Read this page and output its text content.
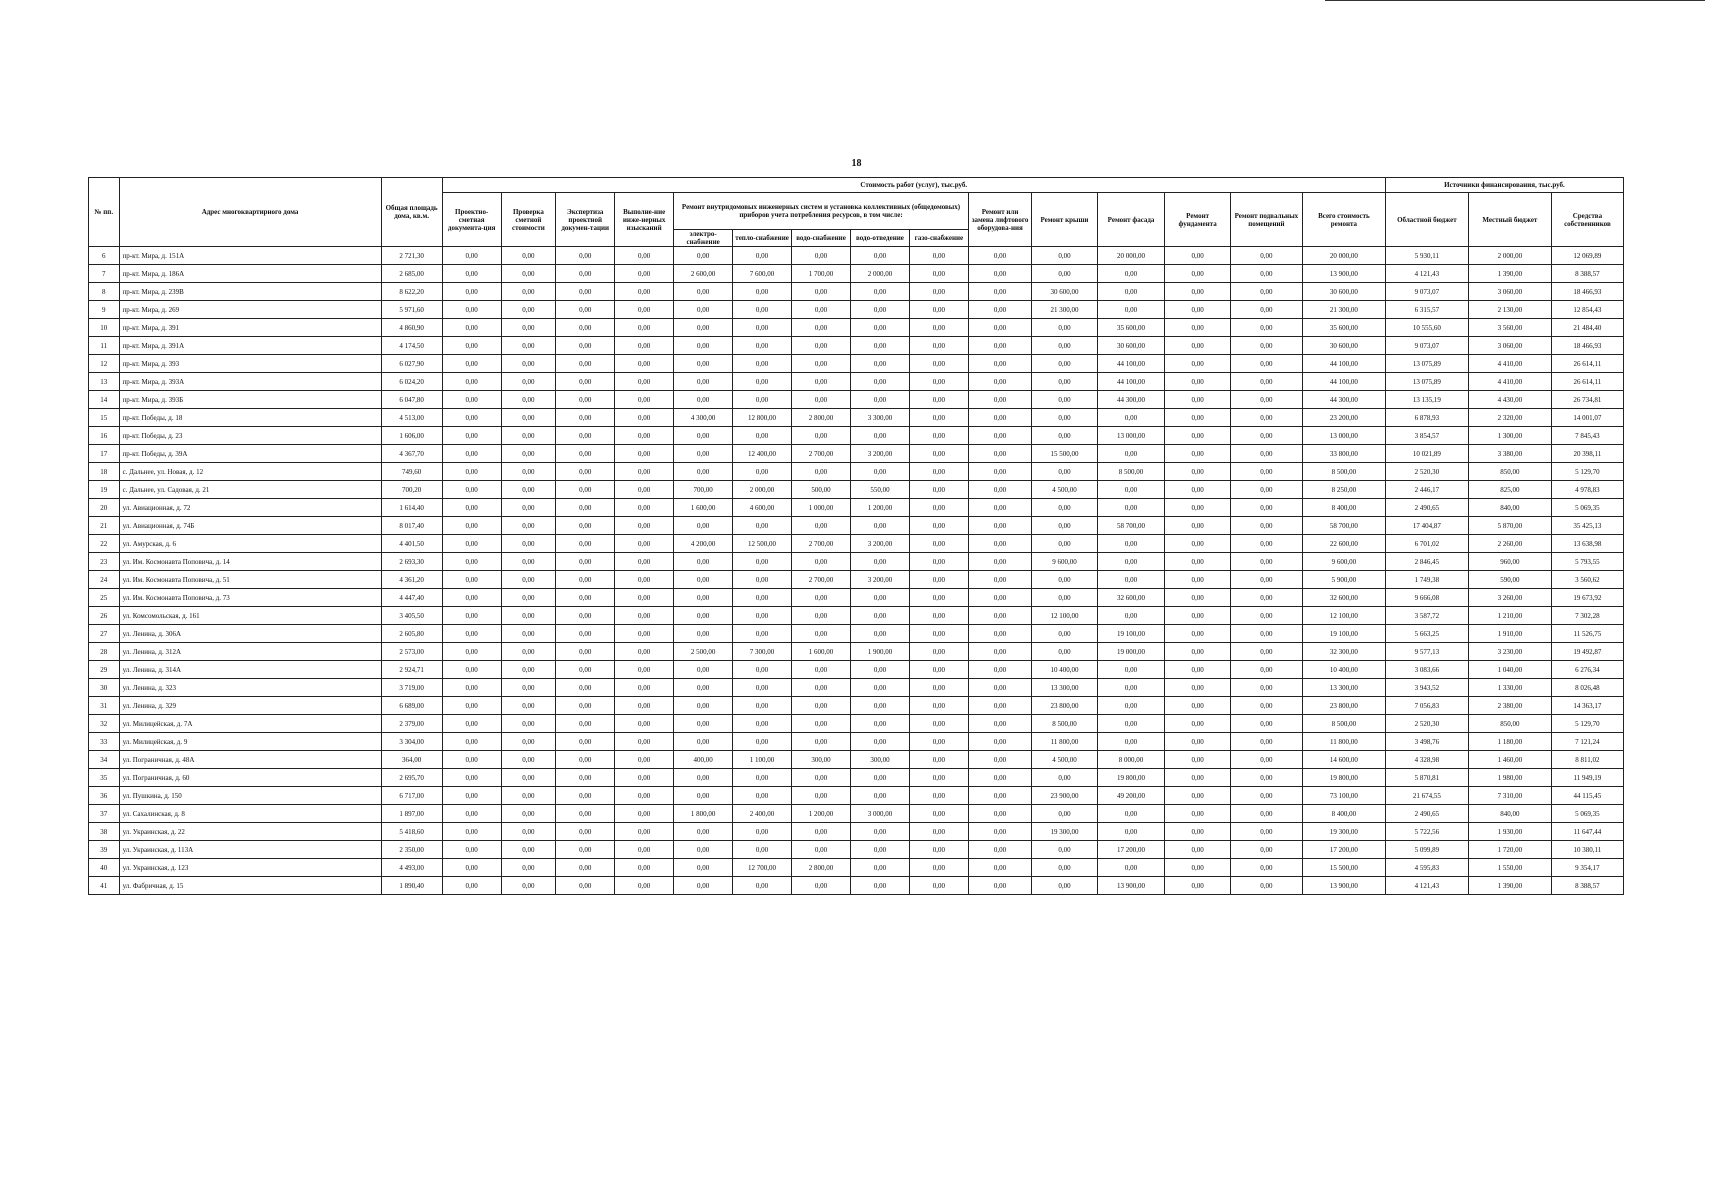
18
№ пп.	Адрес многоквартирного дома	Общая площадь дома, кв.м.	Стоимость работ (услуг), тыс.руб.															Источники финансирования, тыс.руб.		
			Проектно-сметная документа-ция	Проверка сметной стоимости	Экспертиза проектной докумен-тации	Выполне-ние инже-нерных изысканий	Ремонт внутридомовых инженерных систем и установка коллективных (общедомовых) приборов учета потребления ресурсов, в том числе:					Ремонт или замена лифтового оборудова-ния	Ремонт крыши	Ремонт фасада	Ремонт фундамента	Ремонт подвальных помещений	Всего стоимость ремонта	Областной бюджет	Местный бюджет	Средства собственников
							электро-снабжение	тепло-снабжение	водо-снабжение	водо-отведение	газо-снабжение									
6	пр-кт. Мира, д. 151А	2 721,30	0,00	0,00	0,00	0,00	0,00	0,00	0,00	0,00	0,00	0,00	0,00	20 000,00	0,00	0,00	20 000,00	5 930,11	2 000,00	12 069,89
7	пр-кт. Мира, д. 186А	2 685,00	0,00	0,00	0,00	0,00	2 600,00	7 600,00	1 700,00	2 000,00	0,00	0,00	0,00	0,00	0,00	0,00	13 900,00	4 121,43	1 390,00	8 388,57
8	пр-кт. Мира, д. 239В	8 622,20	0,00	0,00	0,00	0,00	0,00	0,00	0,00	0,00	0,00	0,00	30 600,00	0,00	0,00	0,00	30 600,00	9 073,07	3 060,00	18 466,93
9	пр-кт. Мира, д. 269	5 971,60	0,00	0,00	0,00	0,00	0,00	0,00	0,00	0,00	0,00	0,00	21 300,00	0,00	0,00	0,00	21 300,00	6 315,57	2 130,00	12 854,43
10	пр-кт. Мира, д. 391	4 860,90	0,00	0,00	0,00	0,00	0,00	0,00	0,00	0,00	0,00	0,00	0,00	35 600,00	0,00	0,00	35 600,00	10 555,60	3 560,00	21 484,40
11	пр-кт. Мира, д. 391А	4 174,50	0,00	0,00	0,00	0,00	0,00	0,00	0,00	0,00	0,00	0,00	0,00	30 600,00	0,00	0,00	30 600,00	9 073,07	3 060,00	18 466,93
12	пр-кт. Мира, д. 393	6 027,90	0,00	0,00	0,00	0,00	0,00	0,00	0,00	0,00	0,00	0,00	0,00	44 100,00	0,00	0,00	44 100,00	13 075,89	4 410,00	26 614,11
13	пр-кт. Мира, д. 393А	6 024,20	0,00	0,00	0,00	0,00	0,00	0,00	0,00	0,00	0,00	0,00	0,00	44 100,00	0,00	0,00	44 100,00	13 075,89	4 410,00	26 614,11
14	пр-кт. Мира, д. 393Б	6 047,80	0,00	0,00	0,00	0,00	0,00	0,00	0,00	0,00	0,00	0,00	0,00	44 300,00	0,00	0,00	44 300,00	13 135,19	4 430,00	26 734,81
15	пр-кт. Победы, д. 18	4 513,00	0,00	0,00	0,00	0,00	4 300,00	12 800,00	2 800,00	3 300,00	0,00	0,00	0,00	0,00	0,00	0,00	23 200,00	6 878,93	2 320,00	14 001,07
16	пр-кт. Победы, д. 23	1 606,00	0,00	0,00	0,00	0,00	0,00	0,00	0,00	0,00	0,00	0,00	0,00	13 000,00	0,00	0,00	13 000,00	3 854,57	1 300,00	7 845,43
17	пр-кт. Победы, д. 39А	4 367,70	0,00	0,00	0,00	0,00	0,00	12 400,00	2 700,00	3 200,00	0,00	0,00	15 500,00	0,00	0,00	0,00	33 800,00	10 021,89	3 380,00	20 398,11
18	с. Дальнее, ул. Новая, д. 12	749,60	0,00	0,00	0,00	0,00	0,00	0,00	0,00	0,00	0,00	0,00	0,00	8 500,00	0,00	0,00	8 500,00	2 520,30	850,00	5 129,70
19	с. Дальнее, ул. Садовая, д. 21	700,20	0,00	0,00	0,00	0,00	700,00	2 000,00	500,00	550,00	0,00	0,00	4 500,00	0,00	0,00	0,00	8 250,00	2 446,17	825,00	4 978,83
20	ул. Авиационная, д. 72	1 614,40	0,00	0,00	0,00	0,00	1 600,00	4 600,00	1 000,00	1 200,00	0,00	0,00	0,00	0,00	0,00	0,00	8 400,00	2 490,65	840,00	5 069,35
21	ул. Авиационная, д. 74Б	8 017,40	0,00	0,00	0,00	0,00	0,00	0,00	0,00	0,00	0,00	0,00	0,00	58 700,00	0,00	0,00	58 700,00	17 404,87	5 870,00	35 425,13
22	ул. Амурская, д. 6	4 401,50	0,00	0,00	0,00	0,00	4 200,00	12 500,00	2 700,00	3 200,00	0,00	0,00	0,00	0,00	0,00	0,00	22 600,00	6 701,02	2 260,00	13 638,98
23	ул. Им. Космонавта Поповича, д. 14	2 693,30	0,00	0,00	0,00	0,00	0,00	0,00	0,00	0,00	0,00	0,00	9 600,00	0,00	0,00	0,00	9 600,00	2 846,45	960,00	5 793,55
24	ул. Им. Космонавта Поповича, д. 51	4 361,20	0,00	0,00	0,00	0,00	0,00	0,00	2 700,00	3 200,00	0,00	0,00	0,00	0,00	0,00	0,00	5 900,00	1 749,38	590,00	3 560,62
25	ул. Им. Космонавта Поповича, д. 73	4 447,40	0,00	0,00	0,00	0,00	0,00	0,00	0,00	0,00	0,00	0,00	0,00	32 600,00	0,00	0,00	32 600,00	9 666,08	3 260,00	19 673,92
26	ул. Комсомольская, д. 161	3 405,50	0,00	0,00	0,00	0,00	0,00	0,00	0,00	0,00	0,00	0,00	12 100,00	0,00	0,00	0,00	12 100,00	3 587,72	1 210,00	7 302,28
27	ул. Ленина, д. 306А	2 605,80	0,00	0,00	0,00	0,00	0,00	0,00	0,00	0,00	0,00	0,00	0,00	19 100,00	0,00	0,00	19 100,00	5 663,25	1 910,00	11 526,75
28	ул. Ленина, д. 312А	2 573,00	0,00	0,00	0,00	0,00	2 500,00	7 300,00	1 600,00	1 900,00	0,00	0,00	0,00	19 000,00	0,00	0,00	32 300,00	9 577,13	3 230,00	19 492,87
29	ул. Ленина, д. 314А	2 924,71	0,00	0,00	0,00	0,00	0,00	0,00	0,00	0,00	0,00	0,00	10 400,00	0,00	0,00	0,00	10 400,00	3 083,66	1 040,00	6 276,34
30	ул. Ленина, д. 323	3 719,00	0,00	0,00	0,00	0,00	0,00	0,00	0,00	0,00	0,00	0,00	13 300,00	0,00	0,00	0,00	13 300,00	3 943,52	1 330,00	8 026,48
31	ул. Ленина, д. 329	6 689,00	0,00	0,00	0,00	0,00	0,00	0,00	0,00	0,00	0,00	0,00	23 800,00	0,00	0,00	0,00	23 800,00	7 056,83	2 380,00	14 363,17
32	ул. Милицейская, д. 7А	2 379,00	0,00	0,00	0,00	0,00	0,00	0,00	0,00	0,00	0,00	0,00	8 500,00	0,00	0,00	0,00	8 500,00	2 520,30	850,00	5 129,70
33	ул. Милицейская, д. 9	3 304,00	0,00	0,00	0,00	0,00	0,00	0,00	0,00	0,00	0,00	0,00	11 800,00	0,00	0,00	0,00	11 800,00	3 498,76	1 180,00	7 121,24
34	ул. Пограничная, д. 48А	364,00	0,00	0,00	0,00	0,00	400,00	1 100,00	300,00	300,00	0,00	0,00	4 500,00	8 000,00	0,00	0,00	14 600,00	4 328,98	1 460,00	8 811,02
35	ул. Пограничная, д. 60	2 695,70	0,00	0,00	0,00	0,00	0,00	0,00	0,00	0,00	0,00	0,00	0,00	19 800,00	0,00	0,00	19 800,00	5 870,81	1 980,00	11 949,19
36	ул. Пушкина, д. 150	6 717,00	0,00	0,00	0,00	0,00	0,00	0,00	0,00	0,00	0,00	0,00	23 900,00	49 200,00	0,00	0,00	73 100,00	21 674,55	7 310,00	44 115,45
37	ул. Сахалинская, д. 8	1 897,00	0,00	0,00	0,00	0,00	1 800,00	2 400,00	1 200,00	3 000,00	0,00	0,00	0,00	0,00	0,00	0,00	8 400,00	2 490,65	840,00	5 069,35
38	ул. Украинская, д. 22	5 418,60	0,00	0,00	0,00	0,00	0,00	0,00	0,00	0,00	0,00	0,00	19 300,00	0,00	0,00	0,00	19 300,00	5 722,56	1 930,00	11 647,44
39	ул. Украинская, д. 113А	2 350,00	0,00	0,00	0,00	0,00	0,00	0,00	0,00	0,00	0,00	0,00	0,00	17 200,00	0,00	0,00	17 200,00	5 099,89	1 720,00	10 380,11
40	ул. Украинская, д. 123	4 493,00	0,00	0,00	0,00	0,00	0,00	12 700,00	2 800,00	0,00	0,00	0,00	0,00	0,00	0,00	0,00	15 500,00	4 595,83	1 550,00	9 354,17
41	ул. Фабричная, д. 15	1 890,40	0,00	0,00	0,00	0,00	0,00	0,00	0,00	0,00	0,00	0,00	0,00	13 900,00	0,00	0,00	13 900,00	4 121,43	1 390,00	8 388,57
